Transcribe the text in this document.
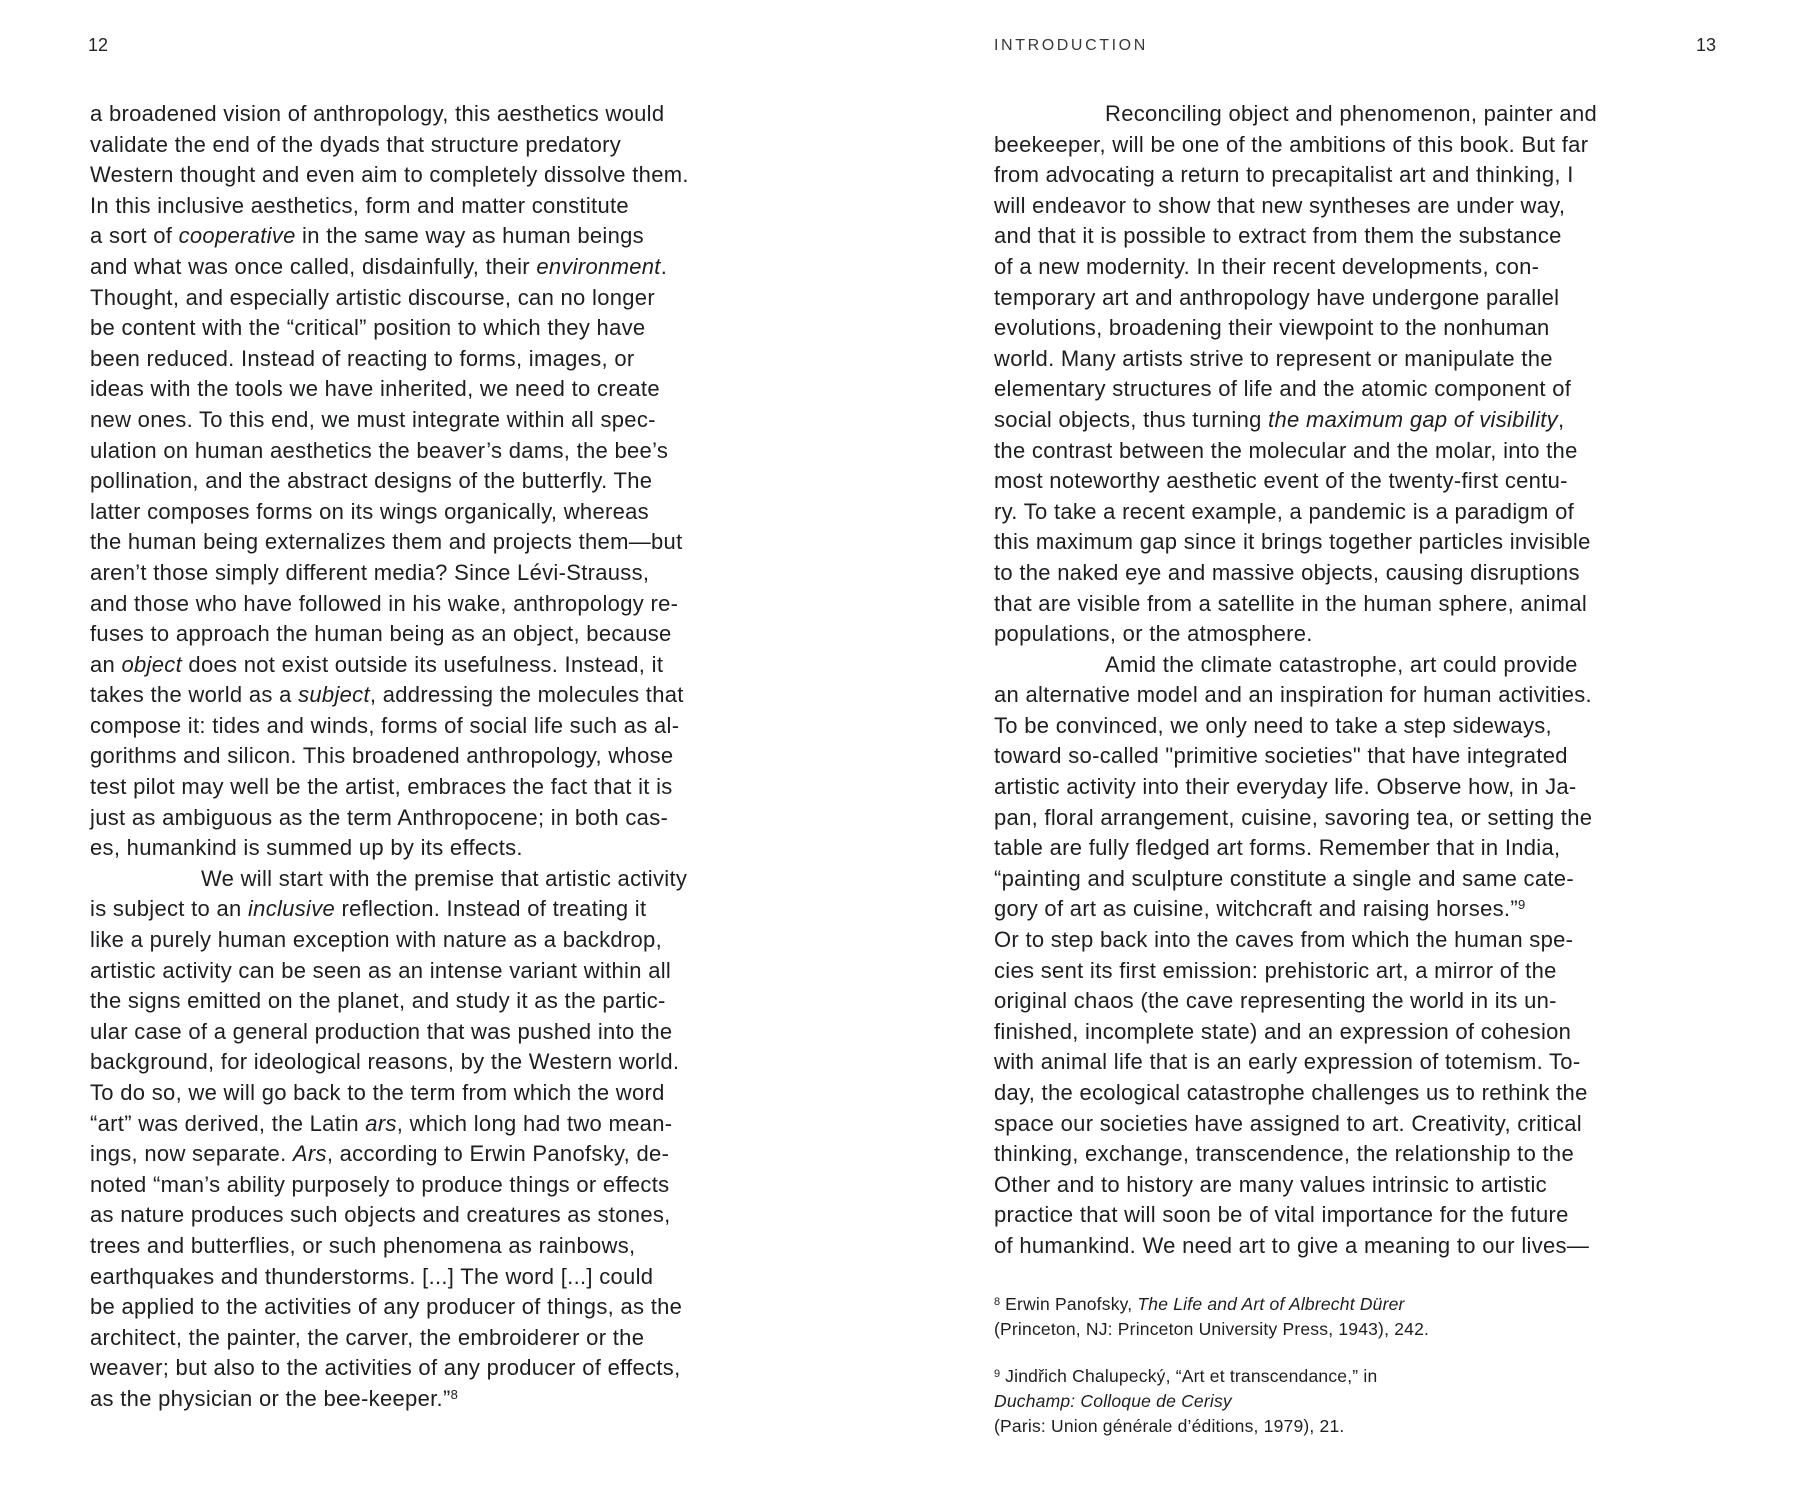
12	INTRODUCTION	13
a broadened vision of anthropology, this aesthetics would
validate the end of the dyads that structure predatory
Western thought and even aim to completely dissolve them.
In this inclusive aesthetics, form and matter constitute
a sort of cooperative in the same way as human beings
and what was once called, disdainfully, their environment.
Thought, and especially artistic discourse, can no longer
be content with the “critical” position to which they have
been reduced. Instead of reacting to forms, images, or
ideas with the tools we have inherited, we need to create
new ones. To this end, we must integrate within all spec-
ulation on human aesthetics the beaver’s dams, the bee’s
pollination, and the abstract designs of the butterfly. The
latter composes forms on its wings organically, whereas
the human being externalizes them and projects them—but
aren’t those simply different media? Since Lévi-Strauss,
and those who have followed in his wake, anthropology re-
fuses to approach the human being as an object, because
an object does not exist outside its usefulness. Instead, it
takes the world as a subject, addressing the molecules that
compose it: tides and winds, forms of social life such as al-
gorithms and silicon. This broadened anthropology, whose
test pilot may well be the artist, embraces the fact that it is
just as ambiguous as the term Anthropocene; in both cas-
es, humankind is summed up by its effects.
We will start with the premise that artistic activity
is subject to an inclusive reflection. Instead of treating it
like a purely human exception with nature as a backdrop,
artistic activity can be seen as an intense variant within all
the signs emitted on the planet, and study it as the partic-
ular case of a general production that was pushed into the
background, for ideological reasons, by the Western world.
To do so, we will go back to the term from which the word
“art” was derived, the Latin ars, which long had two mean-
ings, now separate. Ars, according to Erwin Panofsky, de-
noted “man’s ability purposely to produce things or effects
as nature produces such objects and creatures as stones,
trees and butterflies, or such phenomena as rainbows,
earthquakes and thunderstorms. [...] The word [...] could
be applied to the activities of any producer of things, as the
architect, the painter, the carver, the embroiderer or the
weaver; but also to the activities of any producer of effects,
as the physician or the bee-keeper.”$^8$
Reconciling object and phenomenon, painter and
beekeeper, will be one of the ambitions of this book. But far
from advocating a return to precapitalist art and thinking, I
will endeavor to show that new syntheses are under way,
and that it is possible to extract from them the substance
of a new modernity. In their recent developments, con-
temporary art and anthropology have undergone parallel
evolutions, broadening their viewpoint to the nonhuman
world. Many artists strive to represent or manipulate the
elementary structures of life and the atomic component of
social objects, thus turning the maximum gap of visibility,
the contrast between the molecular and the molar, into the
most noteworthy aesthetic event of the twenty-first centu-
ry. To take a recent example, a pandemic is a paradigm of
this maximum gap since it brings together particles invisible
to the naked eye and massive objects, causing disruptions
that are visible from a satellite in the human sphere, animal
populations, or the atmosphere.
Amid the climate catastrophe, art could provide
an alternative model and an inspiration for human activities.
To be convinced, we only need to take a step sideways,
toward so-called "primitive societies" that have integrated
artistic activity into their everyday life. Observe how, in Ja-
pan, floral arrangement, cuisine, savoring tea, or setting the
table are fully fledged art forms. Remember that in India,
“painting and sculpture constitute a single and same cate-
gory of art as cuisine, witchcraft and raising horses.”$^9$
Or to step back into the caves from which the human spe-
cies sent its first emission: prehistoric art, a mirror of the
original chaos (the cave representing the world in its un-
finished, incomplete state) and an expression of cohesion
with animal life that is an early expression of totemism. To-
day, the ecological catastrophe challenges us to rethink the
space our societies have assigned to art. Creativity, critical
thinking, exchange, transcendence, the relationship to the
Other and to history are many values intrinsic to artistic
practice that will soon be of vital importance for the future
of humankind. We need art to give a meaning to our lives—
$^8$ Erwin Panofsky, The Life and Art of Albrecht Dürer
(Princeton, NJ: Princeton University Press, 1943), 242.
$^9$ Jindřich Chalupecký, “Art et transcendance,” in
Duchamp: Colloque de Cerisy
(Paris: Union générale d’éditions, 1979), 21.
